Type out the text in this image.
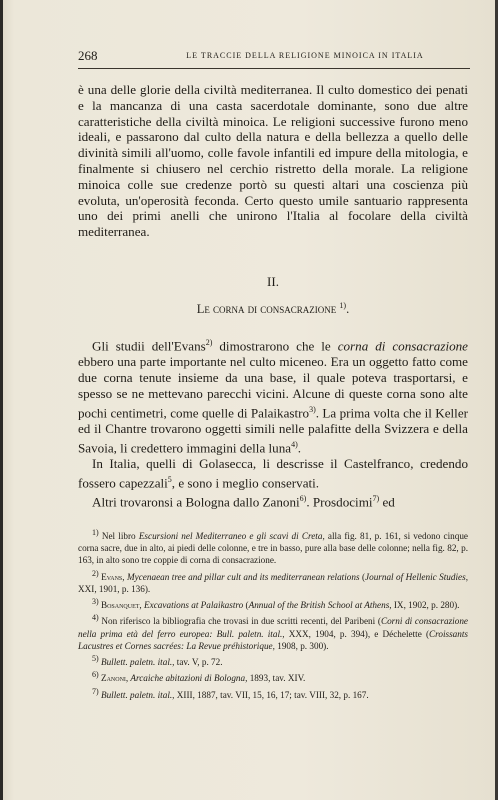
268	LE TRACCIE DELLA RELIGIONE MINOICA IN ITALIA

è una delle glorie della civiltà mediterranea. Il culto domestico dei penati e la mancanza di una casta sacerdotale dominante, sono due altre caratteristiche della civiltà minoica. Le religioni successive furono meno ideali, e passarono dal culto della natura e della bellezza a quello delle divinità simili all'uomo, colle favole infantili ed impure della mitologia, e finalmente si chiusero nel cerchio ristretto della morale. La religione minoica colle sue credenze portò su questi altari una coscienza più evoluta, un'operosità feconda. Certo questo umile santuario rappresenta uno dei primi anelli che unirono l'Italia al focolare della civiltà mediterranea.

II.
Le corna di consacrazione $^{1)}$.

Gli studii dell'Evans$^{2)}$ dimostrarono che le corna di consacrazione ebbero una parte importante nel culto miceneo. Era un oggetto fatto come due corna tenute insieme da una base, il quale poteva trasportarsi, e spesso se ne mettevano parecchi vicini. Alcune di queste corna sono alte pochi centimetri, come quelle di Palaikastro$^{3)}$. La prima volta che il Keller ed il Chantre trovarono oggetti simili nelle palafitte della Svizzera e della Savoia, li credettero immagini della luna$^{4)}$.

In Italia, quelli di Golasecca, li descrisse il Castelfranco, credendo fossero capezzali$^5$, e sono i meglio conservati.

Altri trovaronsi a Bologna dallo Zanoni$^{6)}$. Prosdocimi$^{7)}$ ed

$^{1)}$ Nel libro Escursioni nel Mediterraneo e gli scavi di Creta, alla fig. 81, p. 161, si vedono cinque corna sacre, due in alto, ai piedi delle colonne, e tre in basso, pure alla base delle colonne; nella fig. 82, p. 163, in alto sono tre coppie di corna di consacrazione.

$^{2)}$ Evans, Mycenaean tree and pillar cult and its mediterranean relations (Journal of Hellenic Studies, XXI, 1901, p. 136).

$^{3)}$ Bosanquet, Excavations at Palaikastro (Annual of the British School at Athens, IX, 1902, p. 280).

$^{4)}$ Non riferisco la bibliografia che trovasi in due scritti recenti, del Paribeni (Corni di consacrazione nella prima età del ferro europea: Bull. paletn. ital., XXX, 1904, p. 394), e Déchelette (Croissants Lacustres et Cornes sacrées: La Revue préhistorique, 1908, p. 300).

$^{5)}$ Bullett. paletn. ital., tav. V, p. 72.

$^{6)}$ Zanoni, Arcaiche abitazioni di Bologna, 1893, tav. XIV.

$^{7)}$ Bullett. paletn. ital., XIII, 1887, tav. VII, 15, 16, 17; tav. VIII, 32, p. 167.
